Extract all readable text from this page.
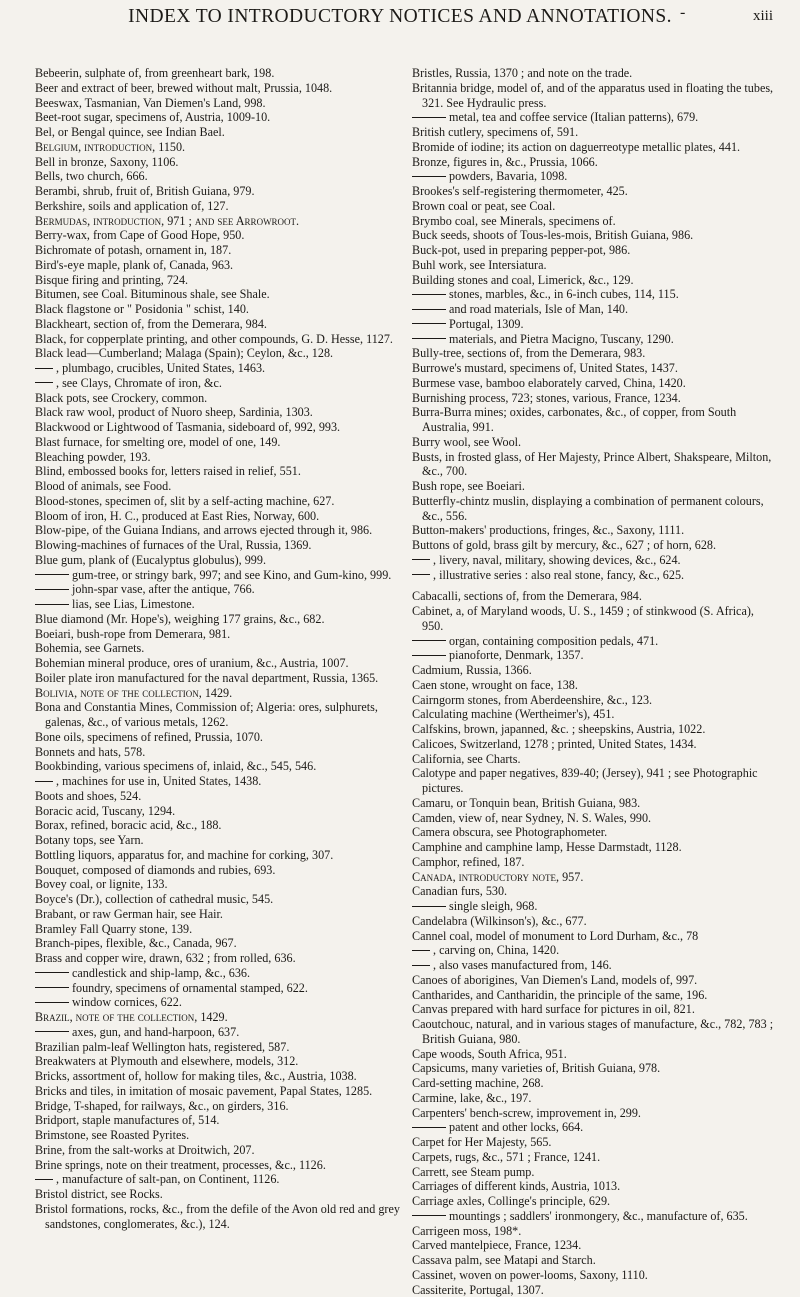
INDEX TO INTRODUCTORY NOTICES AND ANNOTATIONS. -	xiii
Bebeerin, sulphate of, from greenheart bark, 198.
Beer and extract of beer, brewed without malt, Prussia, 1048.
Beeswax, Tasmanian, Van Diemen's Land, 998.
Beet-root sugar, specimens of, Austria, 1009-10.
Bel, or Bengal quince, see Indian Bael.
Belgium, introduction, 1150.
Bell in bronze, Saxony, 1106.
Bells, two church, 666.
Berambi, shrub, fruit of, British Guiana, 979.
Berkshire, soils and application of, 127.
Bermudas, introduction, 971 ; and see Arrowroot.
Berry-wax, from Cape of Good Hope, 950.
Bichromate of potash, ornament in, 187.
Bird's-eye maple, plank of, Canada, 963.
Bisque firing and printing, 724.
Bitumen, see Coal. Bituminous shale, see Shale.
Black flagstone or " Posidonia " schist, 140.
Blackheart, section of, from the Demerara, 984.
Black, for copperplate printing, and other compounds, G. D. Hesse, 1127.
Black lead—Cumberland; Malaga (Spain); Ceylon, &c., 128.
, plumbago, crucibles, United States, 1463.
, see Clays, Chromate of iron, &c.
Black pots, see Crockery, common.
Black raw wool, product of Nuoro sheep, Sardinia, 1303.
Blackwood or Lightwood of Tasmania, sideboard of, 992, 993.
Blast furnace, for smelting ore, model of one, 149.
Bleaching powder, 193.
Blind, embossed books for, letters raised in relief, 551.
Blood of animals, see Food.
Blood-stones, specimen of, slit by a self-acting machine, 627.
Bloom of iron, H. C., produced at East Ries, Norway, 600.
Blow-pipe, of the Guiana Indians, and arrows ejected through it, 986.
Blowing-machines of furnaces of the Ural, Russia, 1369.
Blue gum, plank of (Eucalyptus globulus), 999.
gum-tree, or stringy bark, 997; and see Kino, and Gum-kino, 999.
john-spar vase, after the antique, 766.
lias, see Lias, Limestone.
Blue diamond (Mr. Hope's), weighing 177 grains, &c., 682.
Boeiari, bush-rope from Demerara, 981.
Bohemia, see Garnets.
Bohemian mineral produce, ores of uranium, &c., Austria, 1007.
Boiler plate iron manufactured for the naval department, Russia, 1365.
Bolivia, note of the collection, 1429.
Bona and Constantia Mines, Commission of; Algeria: ores, sulphurets, galenas, &c., of various metals, 1262.
Bone oils, specimens of refined, Prussia, 1070.
Bonnets and hats, 578.
Bookbinding, various specimens of, inlaid, &c., 545, 546.
, machines for use in, United States, 1438.
Boots and shoes, 524.
Boracic acid, Tuscany, 1294.
Borax, refined, boracic acid, &c., 188.
Botany tops, see Yarn.
Bottling liquors, apparatus for, and machine for corking, 307.
Bouquet, composed of diamonds and rubies, 693.
Bovey coal, or lignite, 133.
Boyce's (Dr.), collection of cathedral music, 545.
Brabant, or raw German hair, see Hair.
Bramley Fall Quarry stone, 139.
Branch-pipes, flexible, &c., Canada, 967.
Brass and copper wire, drawn, 632 ; from rolled, 636.
candlestick and ship-lamp, &c., 636.
foundry, specimens of ornamental stamped, 622.
window cornices, 622.
Brazil, note of the collection, 1429.
axes, gun, and hand-harpoon, 637.
Brazilian palm-leaf Wellington hats, registered, 587.
Breakwaters at Plymouth and elsewhere, models, 312.
Bricks, assortment of, hollow for making tiles, &c., Austria, 1038.
Bricks and tiles, in imitation of mosaic pavement, Papal States, 1285.
Bridge, T-shaped, for railways, &c., on girders, 316.
Bridport, staple manufactures of, 514.
Brimstone, see Roasted Pyrites.
Brine, from the salt-works at Droitwich, 207.
Brine springs, note on their treatment, processes, &c., 1126.
, manufacture of salt-pan, on Continent, 1126.
Bristol district, see Rocks.
Bristol formations, rocks, &c., from the defile of the Avon old red and grey sandstones, conglomerates, &c.), 124.
Bristles, Russia, 1370 ; and note on the trade.
Britannia bridge, model of, and of the apparatus used in floating the tubes, 321. See Hydraulic press.
metal, tea and coffee service (Italian patterns), 679.
British cutlery, specimens of, 591.
Bromide of iodine; its action on daguerreotype metallic plates, 441.
Bronze, figures in, &c., Prussia, 1066.
powders, Bavaria, 1098.
Brookes's self-registering thermometer, 425.
Brown coal or peat, see Coal.
Brymbo coal, see Minerals, specimens of.
Buck seeds, shoots of Tous-les-mois, British Guiana, 986.
Buck-pot, used in preparing pepper-pot, 986.
Buhl work, see Intersiatura.
Building stones and coal, Limerick, &c., 129.
stones, marbles, &c., in 6-inch cubes, 114, 115.
and road materials, Isle of Man, 140.
Portugal, 1309.
materials, and Pietra Macigno, Tuscany, 1290.
Bully-tree, sections of, from the Demerara, 983.
Burrowe's mustard, specimens of, United States, 1437.
Burmese vase, bamboo elaborately carved, China, 1420.
Burnishing process, 723; stones, various, France, 1234.
Burra-Burra mines; oxides, carbonates, &c., of copper, from South Australia, 991.
Burry wool, see Wool.
Busts, in frosted glass, of Her Majesty, Prince Albert, Shakspeare, Milton, &c., 700.
Bush rope, see Boeiari.
Butterfly-chintz muslin, displaying a combination of permanent colours, &c., 556.
Button-makers' productions, fringes, &c., Saxony, 1111.
Buttons of gold, brass gilt by mercury, &c., 627 ; of horn, 628.
, livery, naval, military, showing devices, &c., 624.
, illustrative series : also real stone, fancy, &c., 625.
Cabacalli, sections of, from the Demerara, 984.
Cabinet, a, of Maryland woods, U. S., 1459 ; of stinkwood (S. Africa), 950.
organ, containing composition pedals, 471.
pianoforte, Denmark, 1357.
Cadmium, Russia, 1366.
Caen stone, wrought on face, 138.
Cairngorm stones, from Aberdeenshire, &c., 123.
Calculating machine (Wertheimer's), 451.
Calfskins, brown, japanned, &c. ; sheepskins, Austria, 1022.
Calicoes, Switzerland, 1278 ; printed, United States, 1434.
California, see Charts.
Calotype and paper negatives, 839-40; (Jersey), 941 ; see Photographic pictures.
Camaru, or Tonquin bean, British Guiana, 983.
Camden, view of, near Sydney, N. S. Wales, 990.
Camera obscura, see Photographometer.
Camphine and camphine lamp, Hesse Darmstadt, 1128.
Camphor, refined, 187.
Canada, introductory note, 957.
Canadian furs, 530.
single sleigh, 968.
Candelabra (Wilkinson's), &c., 677.
Cannel coal, model of monument to Lord Durham, &c., 78
, carving on, China, 1420.
, also vases manufactured from, 146.
Canoes of aborigines, Van Diemen's Land, models of, 997.
Cantharides, and Cantharidin, the principle of the same, 196.
Canvas prepared with hard surface for pictures in oil, 821.
Caoutchouc, natural, and in various stages of manufacture, &c., 782, 783 ; British Guiana, 980.
Cape woods, South Africa, 951.
Capsicums, many varieties of, British Guiana, 978.
Card-setting machine, 268.
Carmine, lake, &c., 197.
Carpenters' bench-screw, improvement in, 299.
patent and other locks, 664.
Carpet for Her Majesty, 565.
Carpets, rugs, &c., 571 ; France, 1241.
Carrett, see Steam pump.
Carriages of different kinds, Austria, 1013.
Carriage axles, Collinge's principle, 629.
mountings ; saddlers' ironmongery, &c., manufacture of, 635.
Carrigeen moss, 198*.
Carved mantelpiece, France, 1234.
Cassava palm, see Matapi and Starch.
Cassinet, woven on power-looms, Saxony, 1110.
Cassiterite, Portugal, 1307.
